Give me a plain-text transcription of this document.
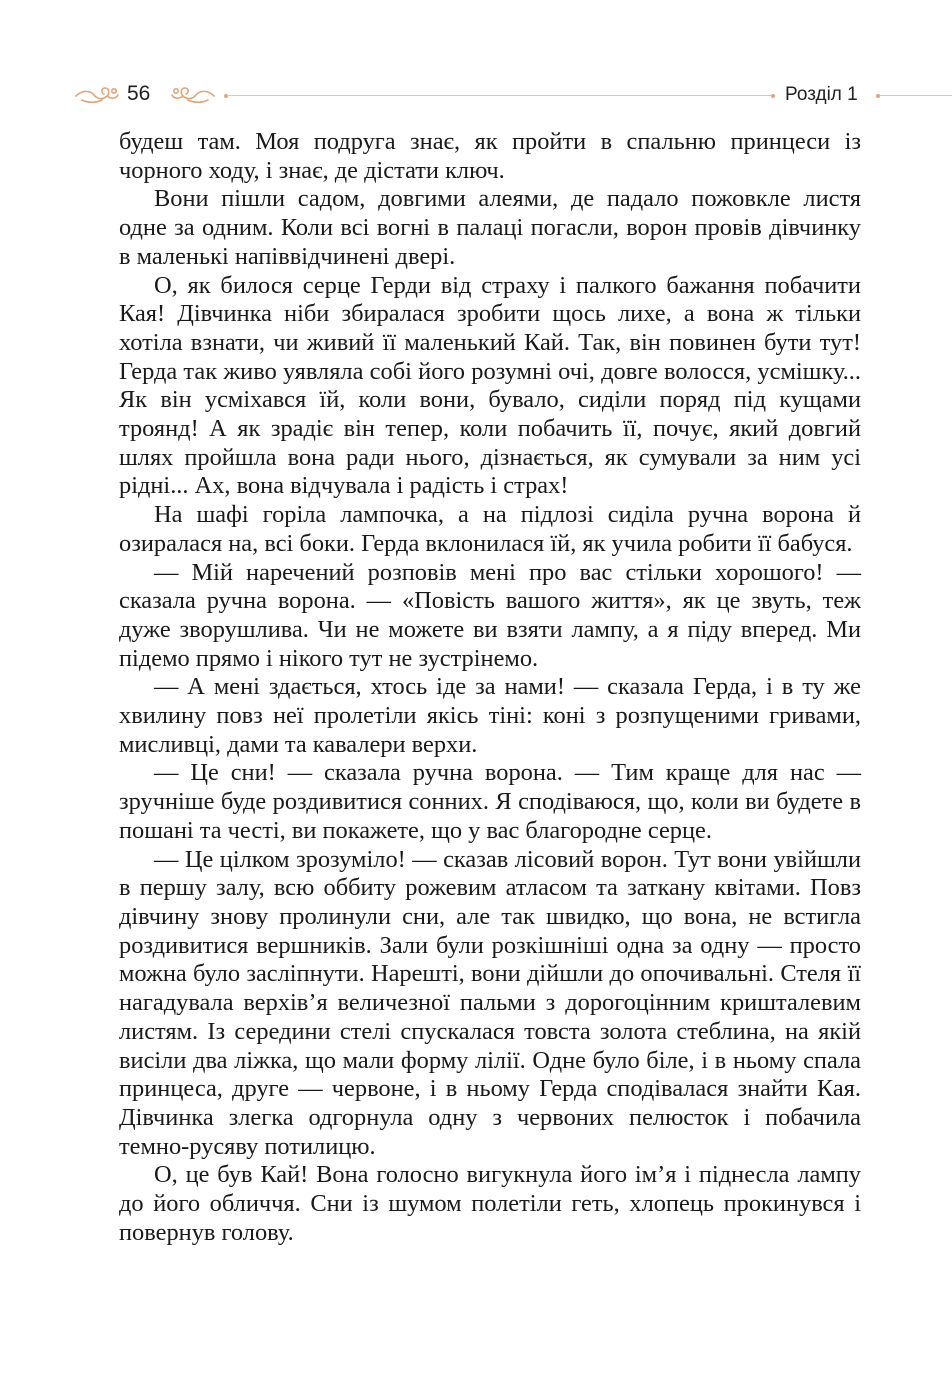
56	Розділ 1

будеш там. Моя подруга знає, як пройти в спальню принцеси із чорного ходу, і знає, де дістати ключ.

Вони пішли садом, довгими алеями, де падало пожовкле листя одне за одним. Коли всі вогні в палаці погасли, ворон провів дівчинку в маленькі напіввідчинені двері.

О, як билося серце Герди від страху і палкого бажання побачити Кая! Дівчинка ніби збиралася зробити щось лихе, а вона ж тільки хотіла взнати, чи живий її маленький Кай. Так, він повинен бути тут! Герда так живо уявляла собі його розумні очі, довге волосся, усмішку... Як він усміхався їй, коли вони, бувало, сиділи поряд під кущами троянд! А як зрадіє він тепер, коли побачить її, почує, який довгий шлях пройшла вона ради нього, дізнається, як сумували за ним усі рідні... Ах, вона відчувала і радість і страх!

На шафі горіла лампочка, а на підлозі сиділа ручна ворона й озиралася на, всі боки. Герда вклонилася їй, як учила робити її бабуся.

— Мій наречений розповів мені про вас стільки хорошого! — сказала ручна ворона. — «Повість вашого життя», як це звуть, теж дуже зворушлива. Чи не можете ви взяти лампу, а я піду вперед. Ми підемо прямо і нікого тут не зустрінемо.

— А мені здається, хтось іде за нами! — сказала Герда, і в ту же хвилину повз неї пролетіли якісь тіні: коні з розпущеними гривами, мисливці, дами та кавалери верхи.

— Це сни! — сказала ручна ворона. — Тим краще для нас — зручніше буде роздивитися сонних. Я сподіваюся, що, коли ви будете в пошані та честі, ви покажете, що у вас благородне серце.

— Це цілком зрозуміло! — сказав лісовий ворон. Тут вони увійшли в першу залу, всю оббиту рожевим атласом та затканy квітами. Повз дівчину знову пролинули сни, але так швидко, що вона, не встигла роздивитися вершників. Зали були розкішніші одна за одну — просто можна було засліпнути. Нарешті, вони дійшли до опочивальні. Стеля її нагадувала верхів’я величезної пальми з дорогоцінним кришталевим листям. Із середини стелі спускалася товста золота стеблина, на якій висіли два ліжка, що мали форму лілії. Одне було біле, і в ньому спала принцеса, друге — червоне, і в ньому Герда сподівалася знайти Кая. Дівчинка злегка одгорнула одну з червоних пелюсток і побачила темно-русяву потилицю.

О, це був Кай! Вона голосно вигукнула його ім’я і піднесла лампу до його обличчя. Сни із шумом полетіли геть, хлопець прокинувся і повернув голову.
